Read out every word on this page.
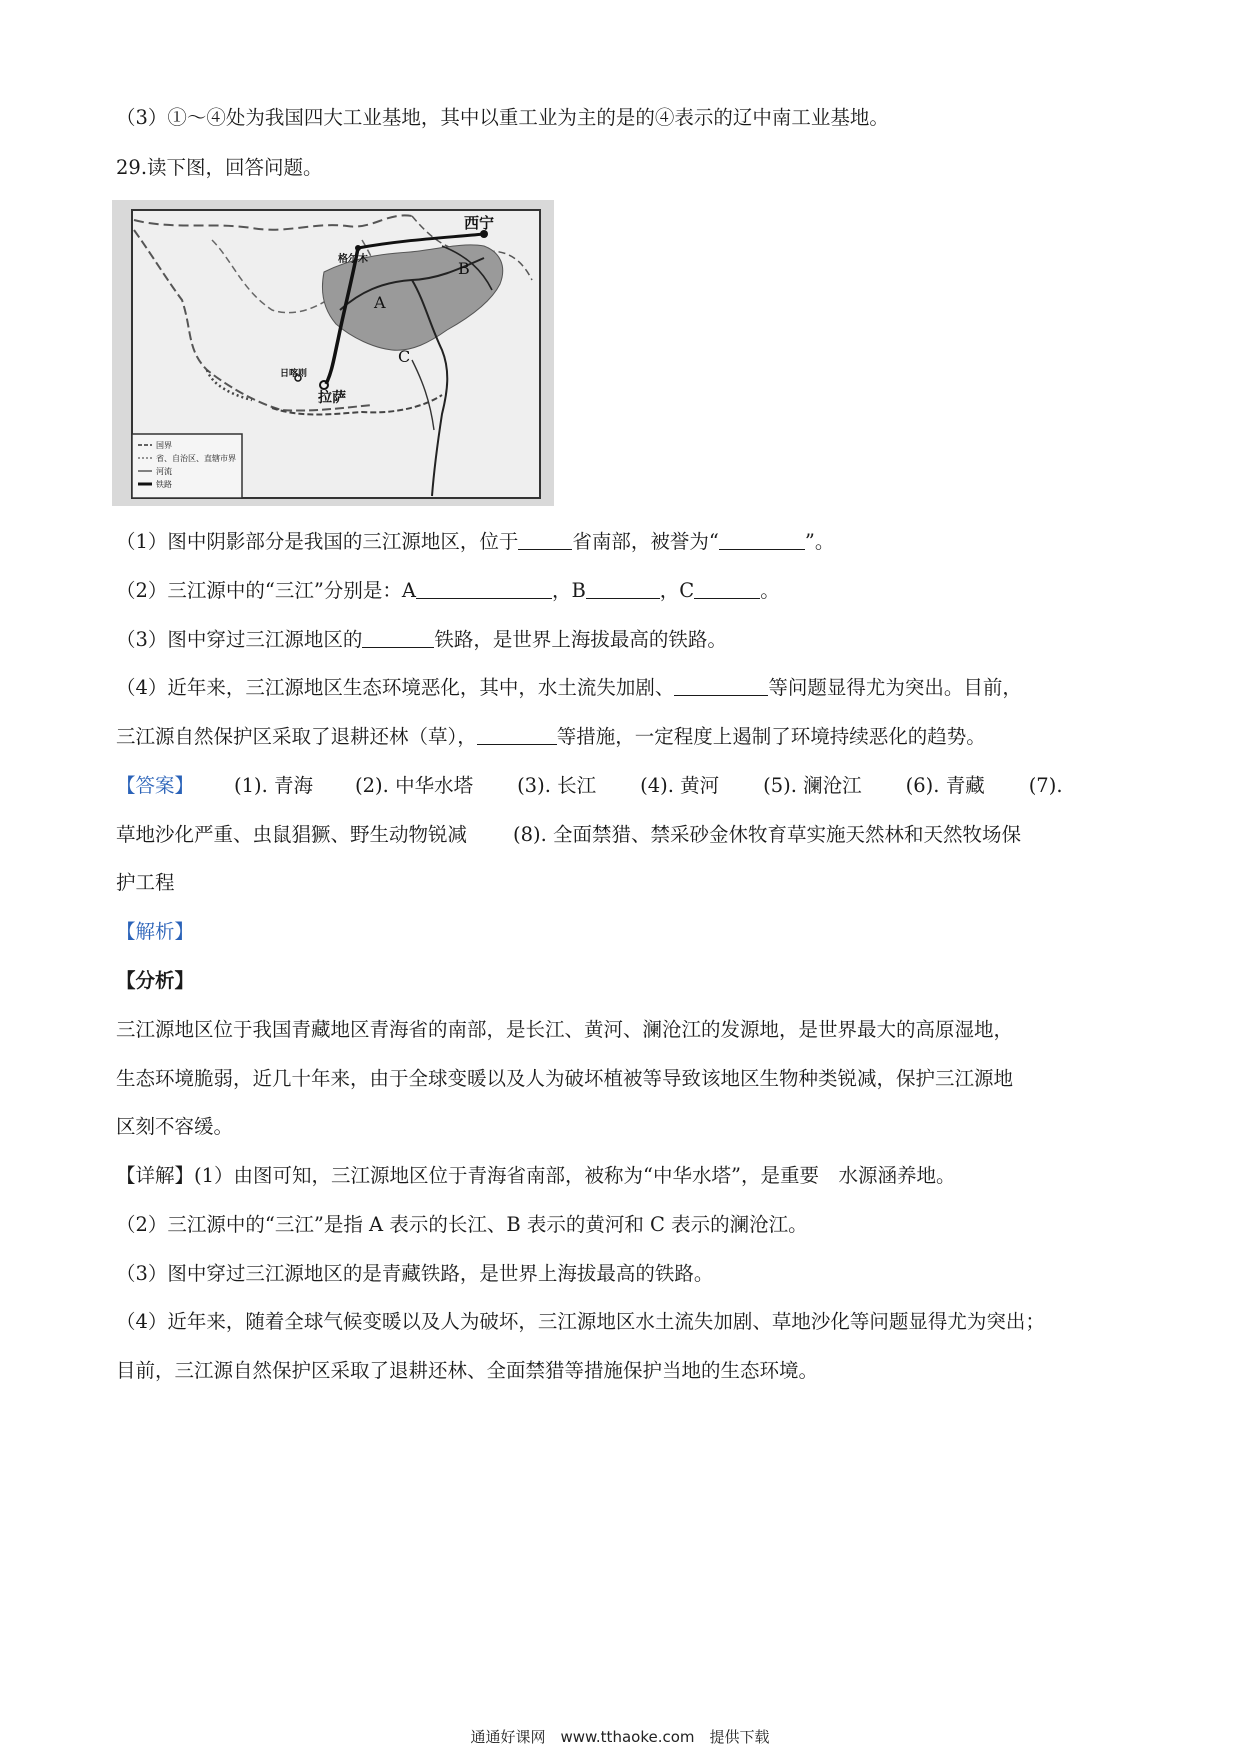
（3）①～④处为我国四大工业基地，其中以重工业为主的是的④表示的辽中南工业基地。
29.读下图，回答问题。
西宁
格尔木
拉萨
日喀则
A
B
C
国界
省、自治区、直辖市界
河流
铁路
（1）图中阴影部分是我国的三江源地区，位于	省南部，被誉为“	”。
（2）三江源中的“三江”分别是：A	，B	，C	。
（3）图中穿过三江源地区的	铁路，是世界上海拔最高的铁路。
（4）近年来，三江源地区生态环境恶化，其中，水土流失加剧、	等问题显得尤为突出。目前，
三江源自然保护区采取了退耕还林（草），	等措施，一定程度上遏制了环境持续恶化的趋势。
【答案】 (1). 青海 (2). 中华水塔 (3). 长江 (4). 黄河 (5). 澜沧江 (6). 青藏 (7).
草地沙化严重、虫鼠猖獗、野生动物锐减 (8). 全面禁猎、禁采砂金休牧育草实施天然林和天然牧场保
护工程
【解析】
【分析】
三江源地区位于我国青藏地区青海省的南部，是长江、黄河、澜沧江的发源地，是世界最大的高原湿地，
生态环境脆弱，近几十年来，由于全球变暖以及人为破坏植被等导致该地区生物种类锐减，保护三江源地
区刻不容缓。
【详解】(1）由图可知，三江源地区位于青海省南部，被称为“中华水塔”，是重要　水源涵养地。
（2）三江源中的“三江”是指 A 表示的长江、B 表示的黄河和 C 表示的澜沧江。
（3）图中穿过三江源地区的是青藏铁路，是世界上海拔最高的铁路。
（4）近年来，随着全球气候变暖以及人为破坏，三江源地区水土流失加剧、草地沙化等问题显得尤为突出；
目前，三江源自然保护区采取了退耕还林、全面禁猎等措施保护当地的生态环境。
通通好课网　www.tthaoke.com　提供下载
